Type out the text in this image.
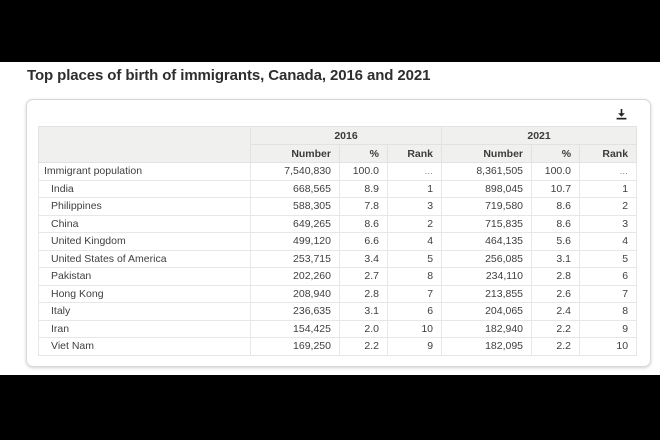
Top places of birth of immigrants, Canada, 2016 and 2021
	2016			2021		
	Number	%	Rank	Number	%	Rank
Immigrant population	7,540,830	100.0	...	8,361,505	100.0	...
India	668,565	8.9	1	898,045	10.7	1
Philippines	588,305	7.8	3	719,580	8.6	2
China	649,265	8.6	2	715,835	8.6	3
United Kingdom	499,120	6.6	4	464,135	5.6	4
United States of America	253,715	3.4	5	256,085	3.1	5
Pakistan	202,260	2.7	8	234,110	2.8	6
Hong Kong	208,940	2.8	7	213,855	2.6	7
Italy	236,635	3.1	6	204,065	2.4	8
Iran	154,425	2.0	10	182,940	2.2	9
Viet Nam	169,250	2.2	9	182,095	2.2	10
